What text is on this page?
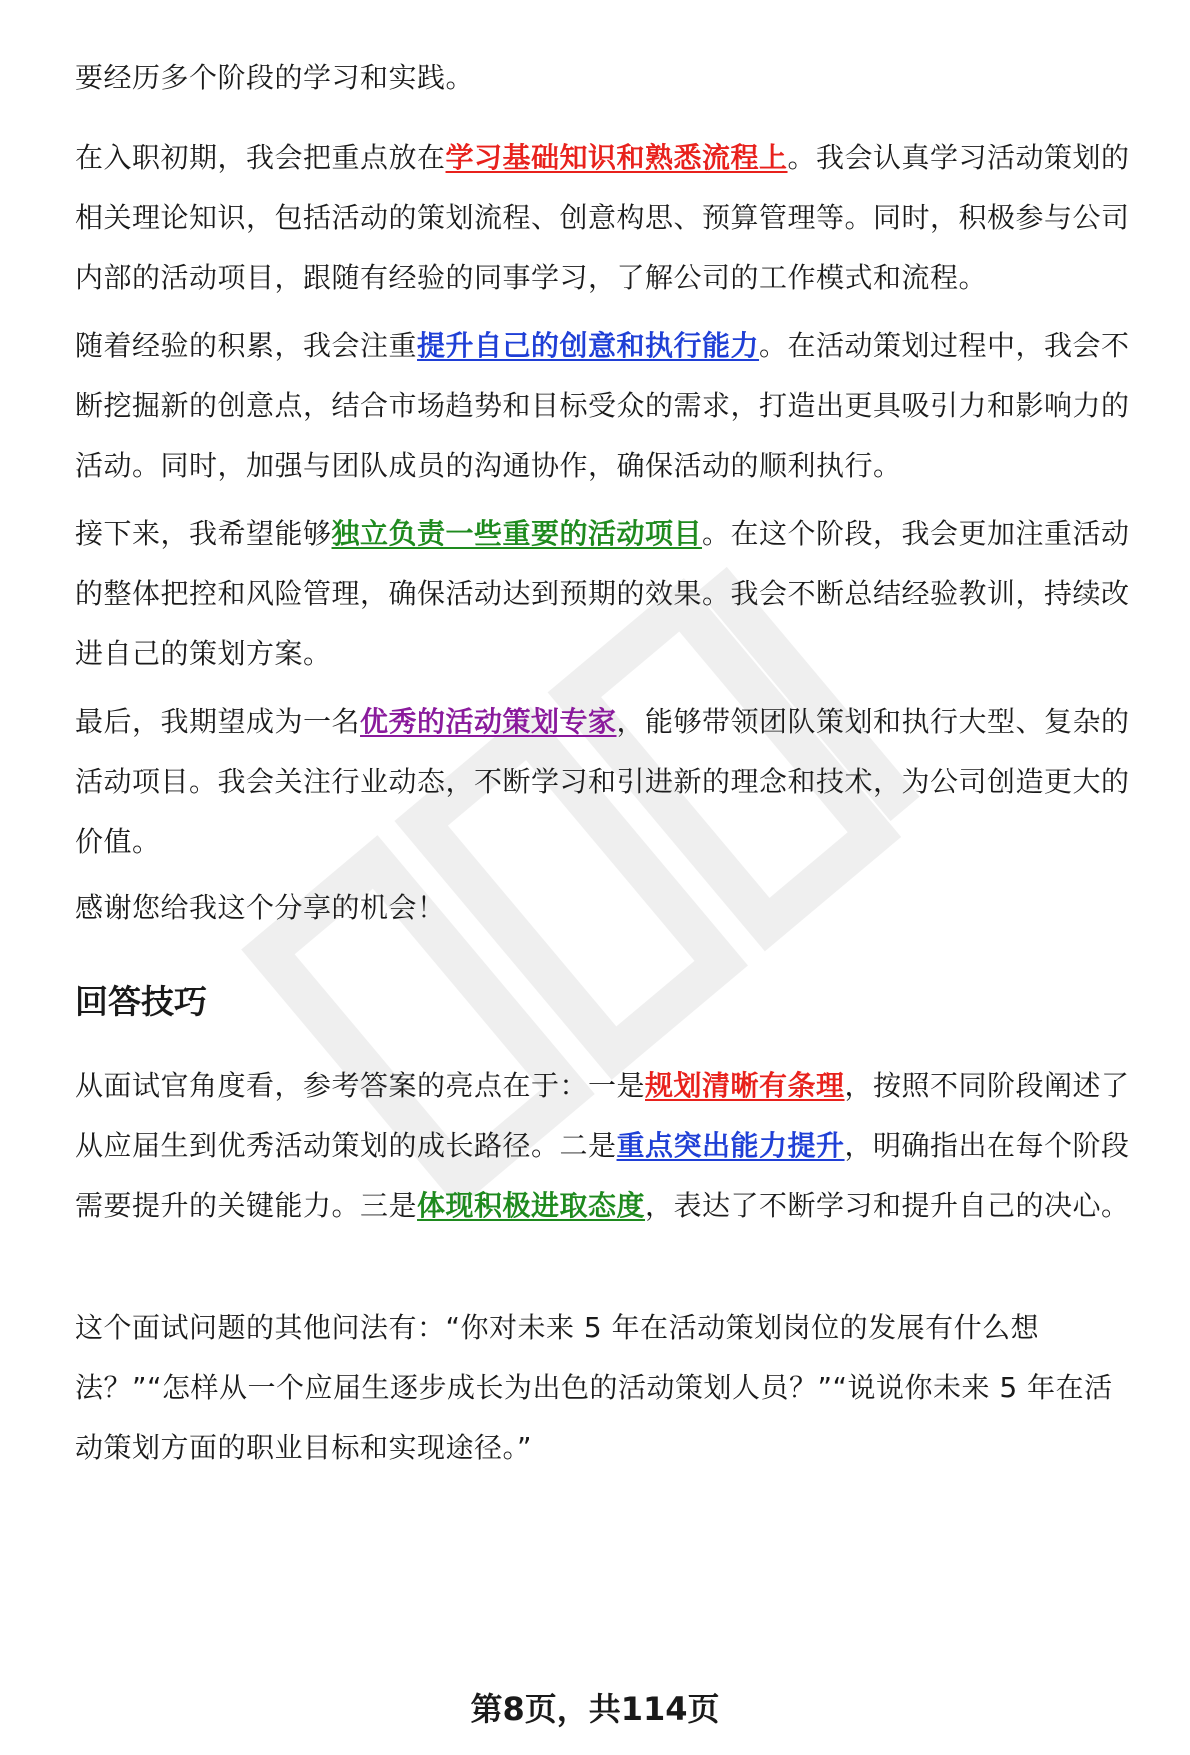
要经历多个阶段的学习和实践。

在入职初期，我会把重点放在学习基础知识和熟悉流程上。我会认真学习活动策划的相关理论知识，包括活动的策划流程、创意构思、预算管理等。同时，积极参与公司内部的活动项目，跟随有经验的同事学习，了解公司的工作模式和流程。

随着经验的积累，我会注重提升自己的创意和执行能力。在活动策划过程中，我会不断挖掘新的创意点，结合市场趋势和目标受众的需求，打造出更具吸引力和影响力的活动。同时，加强与团队成员的沟通协作，确保活动的顺利执行。

接下来，我希望能够独立负责一些重要的活动项目。在这个阶段，我会更加注重活动的整体把控和风险管理，确保活动达到预期的效果。我会不断总结经验教训，持续改进自己的策划方案。

最后，我期望成为一名优秀的活动策划专家，能够带领团队策划和执行大型、复杂的活动项目。我会关注行业动态，不断学习和引进新的理念和技术，为公司创造更大的价值。

感谢您给我这个分享的机会！

回答技巧

从面试官角度看，参考答案的亮点在于：一是规划清晰有条理，按照不同阶段阐述了从应届生到优秀活动策划的成长路径。二是重点突出能力提升，明确指出在每个阶段需要提升的关键能力。三是体现积极进取态度，表达了不断学习和提升自己的决心。

这个面试问题的其他问法有：“你对未来 5 年在活动策划岗位的发展有什么想
法？”“怎样从一个应届生逐步成长为出色的活动策划人员？”“说说你未来 5 年在活
动策划方面的职业目标和实现途径。”

第8页，共114页
